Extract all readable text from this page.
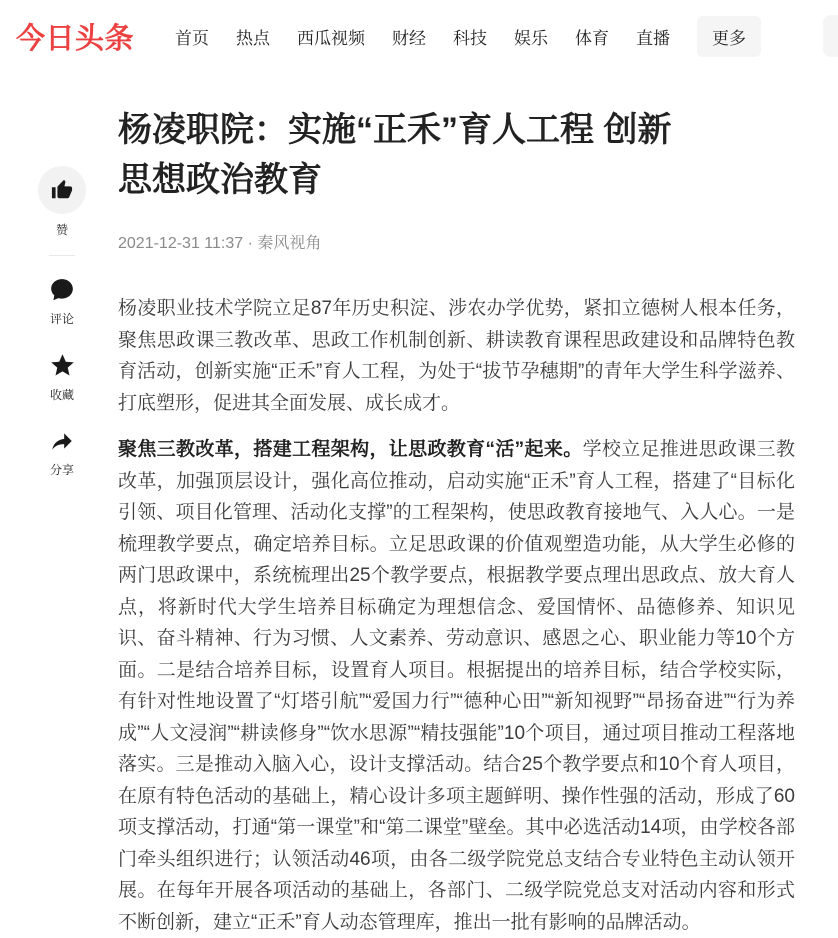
今日头条 首页 热点 西瓜视频 财经 科技 娱乐 体育 直播	更多
赞
评论
收藏
分享
杨凌职院：实施“正禾”育人工程 创新
思想政治教育
2021-12-31 11:37 · 秦风视角

杨凌职业技术学院立足87年历史积淀、涉农办学优势，紧扣立德树人根本任务，聚焦思政课三教改革、思政工作机制创新、耕读教育课程思政建设和品牌特色教育活动，创新实施“正禾”育人工程，为处于“拔节孕穗期”的青年大学生科学滋养、打底塑形，促进其全面发展、成长成才。

聚焦三教改革，搭建工程架构，让思政教育“活”起来。学校立足推进思政课三教改革，加强顶层设计，强化高位推动，启动实施“正禾”育人工程，搭建了“目标化引领、项目化管理、活动化支撑”的工程架构，使思政教育接地气、入人心。一是梳理教学要点，确定培养目标。立足思政课的价值观塑造功能，从大学生必修的两门思政课中，系统梳理出25个教学要点，根据教学要点理出思政点、放大育人点，将新时代大学生培养目标确定为理想信念、爱国情怀、品德修养、知识见识、奋斗精神、行为习惯、人文素养、劳动意识、感恩之心、职业能力等10个方面。二是结合培养目标，设置育人项目。根据提出的培养目标，结合学校实际，有针对性地设置了“灯塔引航”“爱国力行”“德种心田”“新知视野”“昂扬奋进”“行为养成”“人文浸润”“耕读修身”“饮水思源”“精技强能”10个项目，通过项目推动工程落地落实。三是推动入脑入心，设计支撑活动。结合25个教学要点和10个育人项目，在原有特色活动的基础上，精心设计多项主题鲜明、操作性强的活动，形成了60项支撑活动，打通“第一课堂”和“第二课堂”壁垒。其中必选活动14项，由学校各部门牵头组织进行；认领活动46项，由各二级学院党总支结合专业特色主动认领开展。在每年开展各项活动的基础上，各部门、二级学院党总支对活动内容和形式不断创新，建立“正禾”育人动态管理库，推出一批有影响的品牌活动。
